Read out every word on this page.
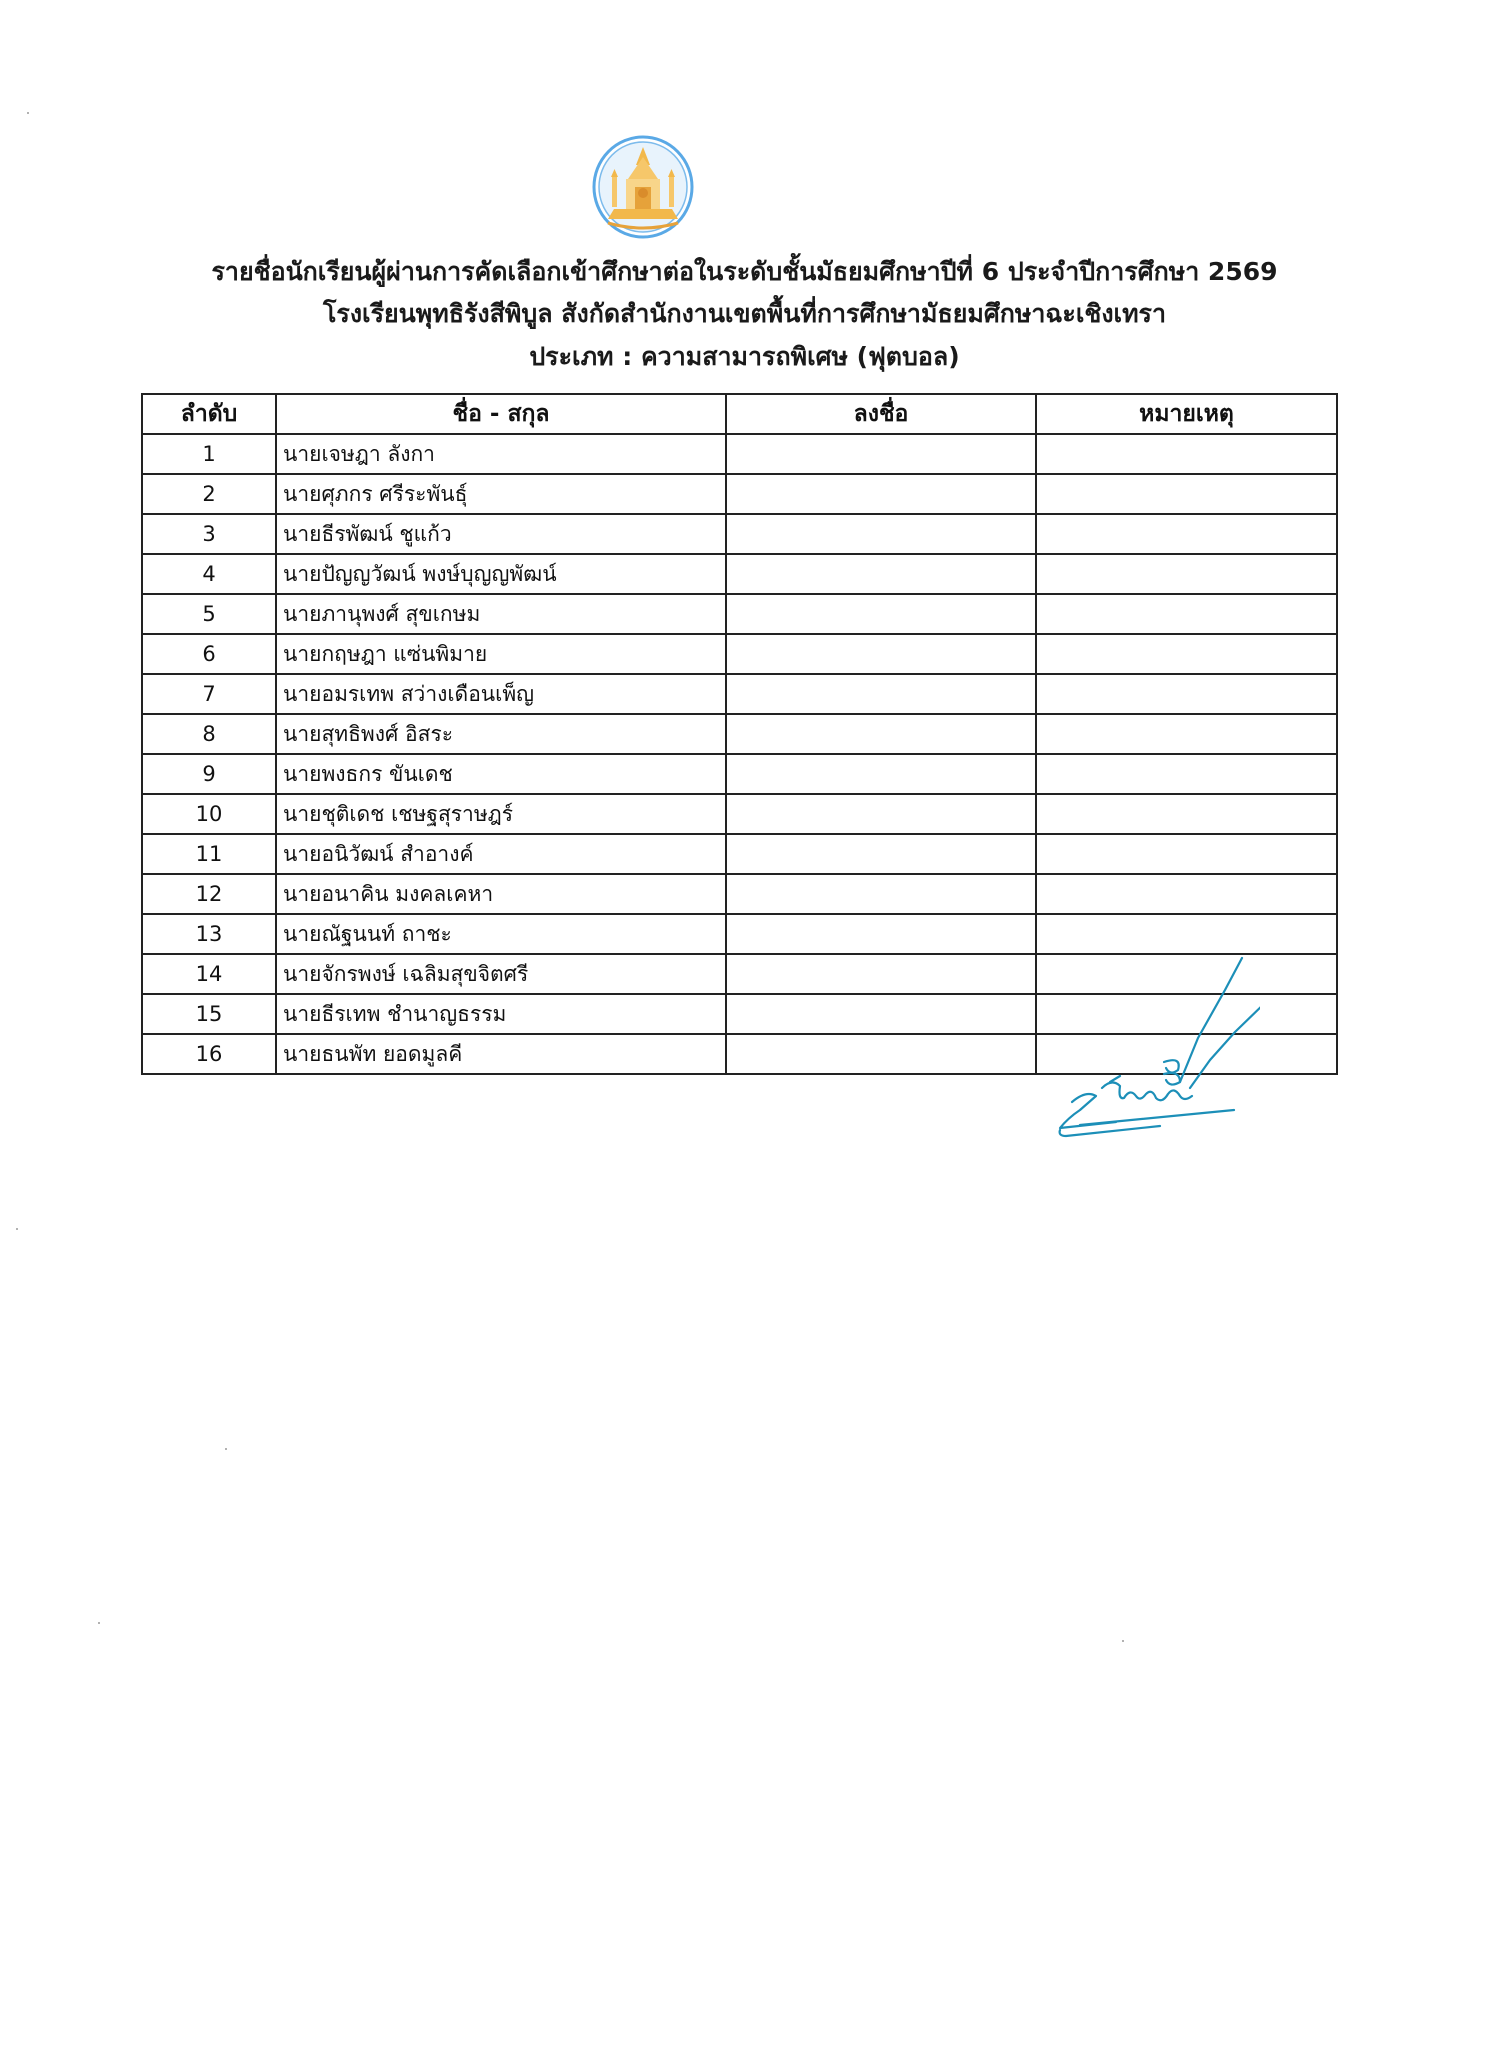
รายชื่อนักเรียนผู้ผ่านการคัดเลือกเข้าศึกษาต่อในระดับชั้นมัธยมศึกษาปีที่ 6 ประจำปีการศึกษา 2569
โรงเรียนพุทธิรังสีพิบูล สังกัดสำนักงานเขตพื้นที่การศึกษามัธยมศึกษาฉะเชิงเทรา
ประเภท : ความสามารถพิเศษ (ฟุตบอล)
ลำดับ	ชื่อ - สกุล	ลงชื่อ	หมายเหตุ
1	นายเจษฎา ลังกา		
2	นายศุภกร ศรีระพันธุ์		
3	นายธีรพัฒน์ ชูแก้ว		
4	นายปัญญวัฒน์ พงษ์บุญญพัฒน์		
5	นายภานุพงศ์ สุขเกษม		
6	นายกฤษฎา แซ่นพิมาย		
7	นายอมรเทพ สว่างเดือนเพ็ญ		
8	นายสุทธิพงศ์ อิสระ		
9	นายพงธกร ขันเดช		
10	นายชุติเดช เชษฐสุราษฎร์		
11	นายอนิวัฒน์ สำอางค์		
12	นายอนาคิน มงคลเคหา		
13	นายณัฐนนท์ ถาชะ		
14	นายจักรพงษ์ เฉลิมสุขจิตศรี		
15	นายธีรเทพ ชำนาญธรรม		
16	นายธนพัท ยอดมูลคี		
